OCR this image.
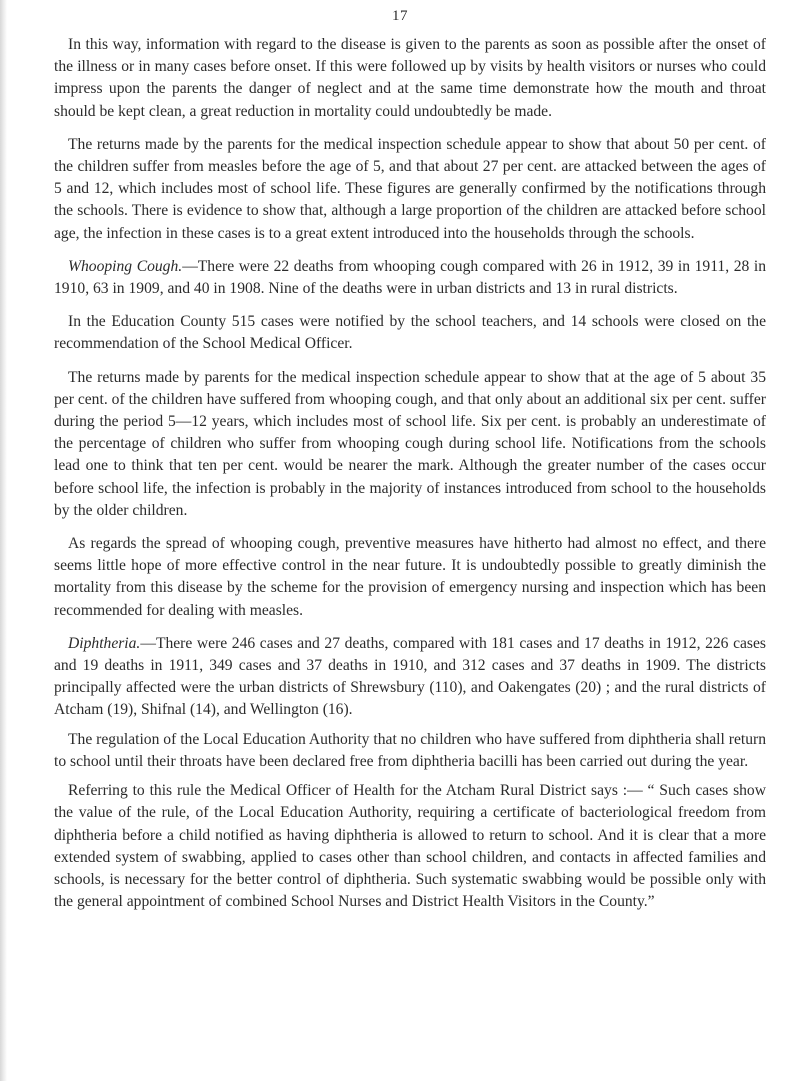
17

In this way, information with regard to the disease is given to the parents as soon as possible after the onset of the illness or in many cases before onset. If this were followed up by visits by health visitors or nurses who could impress upon the parents the danger of neglect and at the same time demonstrate how the mouth and throat should be kept clean, a great reduction in mortality could undoubtedly be made.

The returns made by the parents for the medical inspection schedule appear to show that about 50 per cent. of the children suffer from measles before the age of 5, and that about 27 per cent. are attacked between the ages of 5 and 12, which includes most of school life. These figures are generally confirmed by the notifications through the schools. There is evidence to show that, although a large proportion of the children are attacked before school age, the infection in these cases is to a great extent introduced into the households through the schools.

Whooping Cough.—There were 22 deaths from whooping cough compared with 26 in 1912, 39 in 1911, 28 in 1910, 63 in 1909, and 40 in 1908. Nine of the deaths were in urban districts and 13 in rural districts.

In the Education County 515 cases were notified by the school teachers, and 14 schools were closed on the recommendation of the School Medical Officer.

The returns made by parents for the medical inspection schedule appear to show that at the age of 5 about 35 per cent. of the children have suffered from whooping cough, and that only about an additional six per cent. suffer during the period 5—12 years, which includes most of school life. Six per cent. is probably an underestimate of the percentage of children who suffer from whooping cough during school life. Notifications from the schools lead one to think that ten per cent. would be nearer the mark. Although the greater number of the cases occur before school life, the infection is probably in the majority of instances introduced from school to the households by the older children.

As regards the spread of whooping cough, preventive measures have hitherto had almost no effect, and there seems little hope of more effective control in the near future. It is undoubtedly possible to greatly diminish the mortality from this disease by the scheme for the provision of emergency nursing and inspection which has been recommended for dealing with measles.

Diphtheria.—There were 246 cases and 27 deaths, compared with 181 cases and 17 deaths in 1912, 226 cases and 19 deaths in 1911, 349 cases and 37 deaths in 1910, and 312 cases and 37 deaths in 1909. The districts principally affected were the urban districts of Shrewsbury (110), and Oakengates (20) ; and the rural districts of Atcham (19), Shifnal (14), and Wellington (16).

The regulation of the Local Education Authority that no children who have suffered from diphtheria shall return to school until their throats have been declared free from diphtheria bacilli has been carried out during the year.

Referring to this rule the Medical Officer of Health for the Atcham Rural District says :— “ Such cases show the value of the rule, of the Local Education Authority, requiring a certificate of bacteriological freedom from diphtheria before a child notified as having diphtheria is allowed to return to school. And it is clear that a more extended system of swabbing, applied to cases other than school children, and contacts in affected families and schools, is necessary for the better control of diphtheria. Such systematic swabbing would be possible only with the general appointment of combined School Nurses and District Health Visitors in the County.”
